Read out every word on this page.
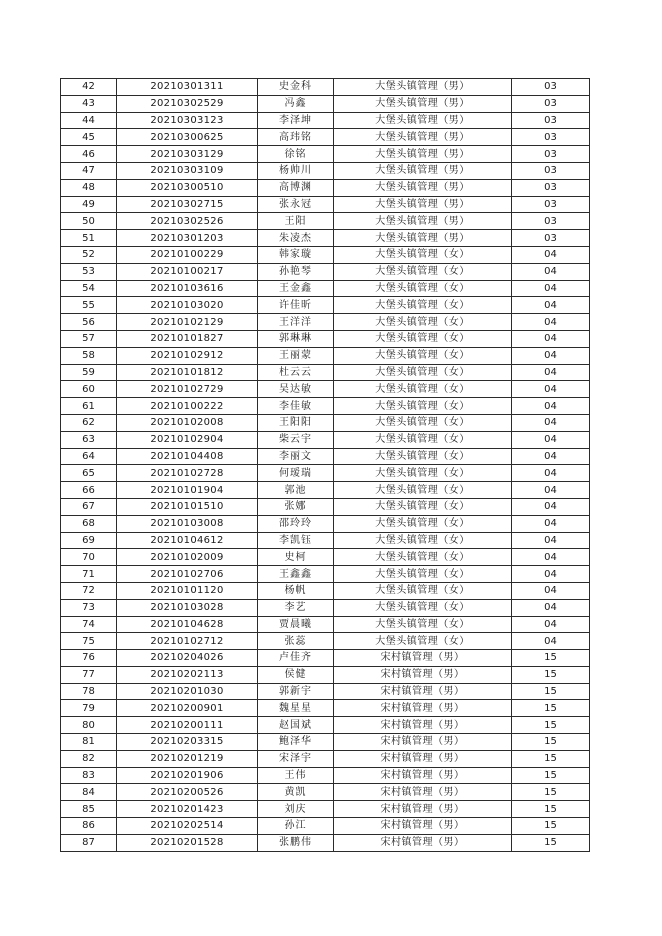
42	20210301311	史金科	大堡头镇管理（男）	03
43	20210302529	冯鑫	大堡头镇管理（男）	03
44	20210303123	李泽坤	大堡头镇管理（男）	03
45	20210300625	高玮铭	大堡头镇管理（男）	03
46	20210303129	徐铭	大堡头镇管理（男）	03
47	20210303109	杨帅川	大堡头镇管理（男）	03
48	20210300510	高博渊	大堡头镇管理（男）	03
49	20210302715	张永冠	大堡头镇管理（男）	03
50	20210302526	王阳	大堡头镇管理（男）	03
51	20210301203	朱凌杰	大堡头镇管理（男）	03
52	20210100229	韩家璇	大堡头镇管理（女）	04
53	20210100217	孙艳琴	大堡头镇管理（女）	04
54	20210103616	王金鑫	大堡头镇管理（女）	04
55	20210103020	许佳昕	大堡头镇管理（女）	04
56	20210102129	王洋洋	大堡头镇管理（女）	04
57	20210101827	郭琳琳	大堡头镇管理（女）	04
58	20210102912	王丽蒙	大堡头镇管理（女）	04
59	20210101812	杜云云	大堡头镇管理（女）	04
60	20210102729	吴达敏	大堡头镇管理（女）	04
61	20210100222	李佳敏	大堡头镇管理（女）	04
62	20210102008	王阳阳	大堡头镇管理（女）	04
63	20210102904	柴云宇	大堡头镇管理（女）	04
64	20210104408	李丽文	大堡头镇管理（女）	04
65	20210102728	何瑷瑞	大堡头镇管理（女）	04
66	20210101904	郭池	大堡头镇管理（女）	04
67	20210101510	张娜	大堡头镇管理（女）	04
68	20210103008	邵玲玲	大堡头镇管理（女）	04
69	20210104612	李凯钰	大堡头镇管理（女）	04
70	20210102009	史柯	大堡头镇管理（女）	04
71	20210102706	王鑫鑫	大堡头镇管理（女）	04
72	20210101120	杨帆	大堡头镇管理（女）	04
73	20210103028	李艺	大堡头镇管理（女）	04
74	20210104628	贾晨曦	大堡头镇管理（女）	04
75	20210102712	张蕊	大堡头镇管理（女）	04
76	20210204026	卢佳齐	宋村镇管理（男）	15
77	20210202113	侯健	宋村镇管理（男）	15
78	20210201030	郭新宇	宋村镇管理（男）	15
79	20210200901	魏星星	宋村镇管理（男）	15
80	20210200111	赵国斌	宋村镇管理（男）	15
81	20210203315	鲍泽华	宋村镇管理（男）	15
82	20210201219	宋泽宇	宋村镇管理（男）	15
83	20210201906	王伟	宋村镇管理（男）	15
84	20210200526	黄凯	宋村镇管理（男）	15
85	20210201423	刘庆	宋村镇管理（男）	15
86	20210202514	孙江	宋村镇管理（男）	15
87	20210201528	张鹏伟	宋村镇管理（男）	15
